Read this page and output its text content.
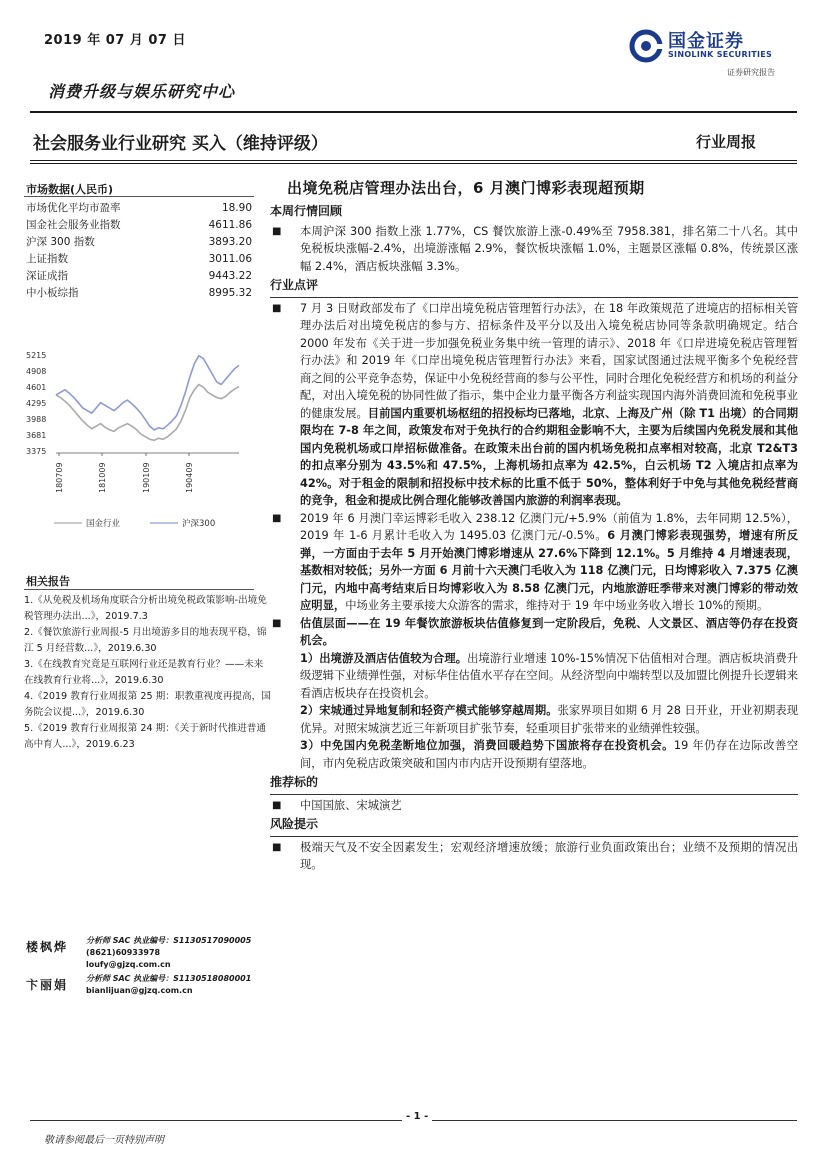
2019 年 07 月 07 日	国金证券
SINOLINK SECURITIES
证券研究报告
消费升级与娱乐研究中心
社会服务业行业研究 买入（维持评级）	行业周报
市场数据(人民币)
市场优化平均市盈率	18.90
国金社会服务业指数	4611.86
沪深 300 指数	3893.20
上证指数	3011.06
深证成指	9443.22
中小板综指	8995.32
5215
4908
4601
4295
3988
3681
3375
180709	181009	190109	190409
国金行业	沪深300
相关报告

1.《从免税及机场角度联合分析出境免税政策影响-出境免税管理办法出...》，2019.7.3

2.《餐饮旅游行业周报-5 月出境游多目的地表现平稳，锦江 5 月经营数...》，2019.6.30

3.《在线教育究竟是互联网行业还是教育行业？——未来在线教育行业将...》，2019.6.30

4.《2019 教育行业周报第 25 期：职教重视度再提高，国务院会议提...》，2019.6.30

5.《2019 教育行业周报第 24 期：《关于新时代推进普通高中育人...》，2019.6.23

楼枫烨 分析师 SAC 执业编号：S1130517090005
(8621)60933978
loufy@gjzq.com.cn
卞丽娟 分析师 SAC 执业编号：S1130518080001
bianlijuan@gjzq.com.cn
出境免税店管理办法出台，6 月澳门博彩表现超预期
本周行情回顾
■ 本周沪深 300 指数上涨 1.77%，CS 餐饮旅游上涨-0.49%至 7958.381，排名第二十八名。其中免税板块涨幅-2.4%，出境游涨幅 2.9%，餐饮板块涨幅 1.0%，主题景区涨幅 0.8%，传统景区涨幅 2.4%，酒店板块涨幅 3.3%。
行业点评
■ 7 月 3 日财政部发布了《口岸出境免税店管理暂行办法》，在 18 年政策规范了进境店的招标相关管理办法后对出境免税店的参与方、招标条件及平分以及出入境免税店协同等条款明确规定。结合 2000 年发布《关于进一步加强免税业务集中统一管理的请示》、2018 年《口岸进境免税店管理暂行办法》和 2019 年《口岸出境免税店管理暂行办法》来看，国家试图通过法规平衡多个免税经营商之间的公平竞争态势，保证中小免税经营商的参与公平性，同时合理化免税经营方和机场的利益分配，对出入境免税的协同性做了指示，集中企业力量平衡各方利益实现国内海外消费回流和免税事业的健康发展。目前国内重要机场枢纽的招投标均已落地，北京、上海及广州（除 T1 出境）的合同期限均在 7-8 年之间，政策发布对于免执行的合约期租金影响不大，主要为后续国内免税发展和其他国内免税机场或口岸招标做准备。在政策未出台前的国内机场免税扣点率相对较高，北京 T2&T3 的扣点率分别为 43.5%和 47.5%，上海机场扣点率为 42.5%，白云机场 T2 入境店扣点率为 42%。对于租金的限制和招投标中技术标的比重不低于 50%，整体利好于中免与其他免税经营商的竞争，租金和提成比例合理化能够改善国内旅游的利润率表现。
■ 2019 年 6 月澳门幸运博彩毛收入 238.12 亿澳门元/+5.9%（前值为 1.8%，去年同期 12.5%），2019 年 1-6 月累计毛收入为 1495.03 亿澳门元/-0.5%。6 月澳门博彩表现强势，增速有所反弹，一方面由于去年 5 月开始澳门博彩增速从 27.6%下降到 12.1%。5 月维持 4 月增速表现，基数相对较低；另外一方面 6 月前十六天澳门毛收入为 118 亿澳门元，日均博彩收入 7.375 亿澳门元，内地中高考结束后日均博彩收入为 8.58 亿澳门元，内地旅游旺季带来对澳门博彩的带动效应明显，中场业务主要承接大众游客的需求，维持对于 19 年中场业务收入增长 10%的预期。
■ 估值层面——在 19 年餐饮旅游板块估值修复到一定阶段后，免税、人文景区、酒店等仍存在投资机会。
1）出境游及酒店估值较为合理。出境游行业增速 10%-15%情况下估值相对合理。酒店板块消费升级逻辑下业绩弹性强，对标华住估值水平存在空间。从经济型向中端转型以及加盟比例提升长逻辑来看酒店板块存在投资机会。
2）宋城通过异地复制和轻资产模式能够穿越周期。张家界项目如期 6 月 28 日开业，开业初期表现优异。对照宋城演艺近三年新项目扩张节奏，轻重项目扩张带来的业绩弹性较强。
3）中免国内免税垄断地位加强，消费回暖趋势下国旅将存在投资机会。19 年仍存在边际改善空间，市内免税店政策突破和国内市内店开设预期有望落地。
推荐标的
■ 中国国旅、宋城演艺
风险提示
■ 极端天气及不安全因素发生；宏观经济增速放缓；旅游行业负面政策出台；业绩不及预期的情况出现。
- 1 -
敬请参阅最后一页特别声明
